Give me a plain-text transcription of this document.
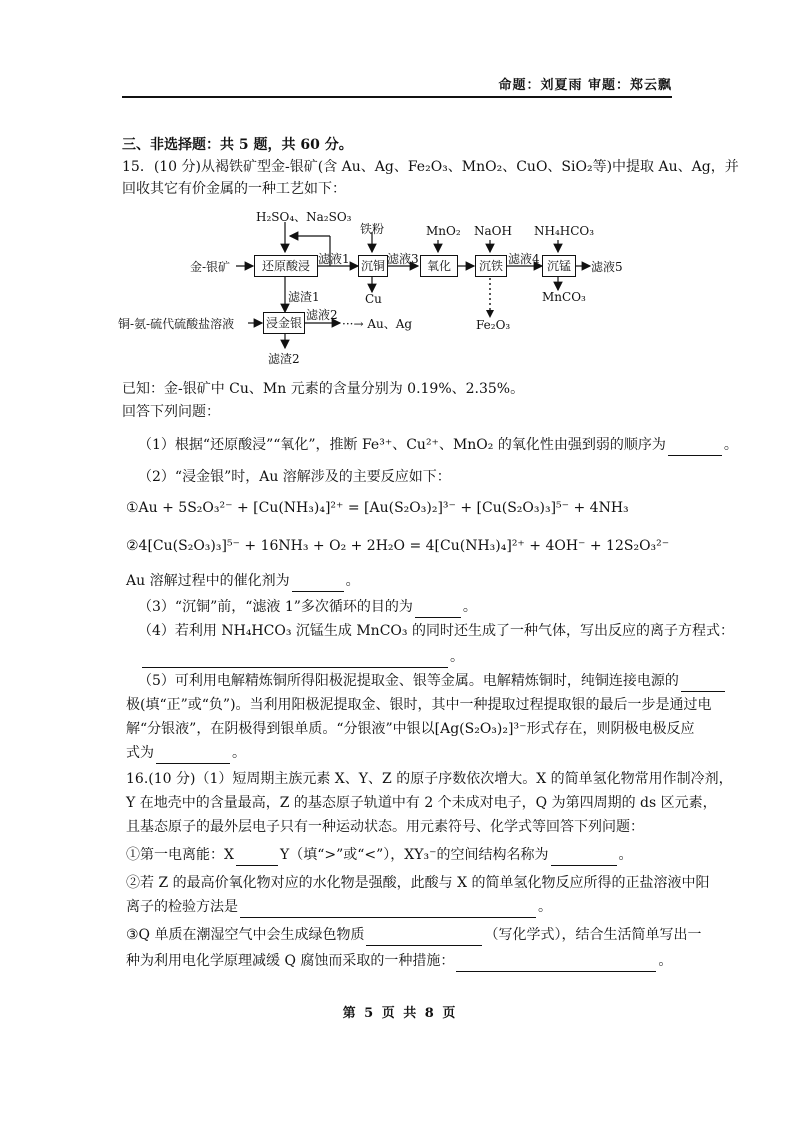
命题：刘夏雨 审题：郑云飘
三、非选择题：共 5 题，共 60 分。
15．(10 分)从褐铁矿型金-银矿(含 Au、Ag、Fe₂O₃、MnO₂、CuO、SiO₂等)中提取 Au、Ag，并
回收其它有价金属的一种工艺如下：
H₂SO₄、Na₂SO₃
金-银矿	还原酸浸 滤液1
铁粉
沉铜
Cu
滤液3
MnO₂
氧化
NaOH
沉铁
Fe₂O₃
滤液4
NH₄HCO₃
沉锰	滤液5
MnCO₃
滤渣1
铜-氨-硫代硫酸盐溶液	浸金银
滤液2
···→ Au、Ag
滤渣2
已知：金-银矿中 Cu、Mn 元素的含量分别为 0.19%、2.35%。
回答下列问题：
（1）根据“还原酸浸”“氧化”，推断 Fe³⁺、Cu²⁺、MnO₂ 的氧化性由强到弱的顺序为	。
（2）“浸金银”时，Au 溶解涉及的主要反应如下：
①Au + 5S₂O₃²⁻ + [Cu(NH₃)₄]²⁺ = [Au(S₂O₃)₂]³⁻ + [Cu(S₂O₃)₃]⁵⁻ + 4NH₃
②4[Cu(S₂O₃)₃]⁵⁻ + 16NH₃ + O₂ + 2H₂O = 4[Cu(NH₃)₄]²⁺ + 4OH⁻ + 12S₂O₃²⁻
Au 溶解过程中的催化剂为	。
（3）“沉铜”前，“滤液 1”多次循环的目的为	。
（4）若利用 NH₄HCO₃ 沉锰生成 MnCO₃ 的同时还生成了一种气体，写出反应的离子方程式：
。
（5）可利用电解精炼铜所得阳极泥提取金、银等金属。电解精炼铜时，纯铜连接电源的
极(填“正”或“负”)。当利用阳极泥提取金、银时，其中一种提取过程提取银的最后一步是通过电
解“分银液”，在阴极得到银单质。“分银液”中银以[Ag(S₂O₃)₂]³⁻形式存在，则阴极电极反应
式为	。
16.(10 分)（1）短周期主族元素 X、Y、Z 的原子序数依次增大。X 的简单氢化物常用作制冷剂，
Y 在地壳中的含量最高，Z 的基态原子轨道中有 2 个未成对电子，Q 为第四周期的 ds 区元素，
且基态原子的最外层电子只有一种运动状态。用元素符号、化学式等回答下列问题：
①第一电离能：X	Y（填“>”或“<”），XY₃⁻的空间结构名称为	。
②若 Z 的最高价氧化物对应的水化物是强酸，此酸与 X 的简单氢化物反应所得的正盐溶液中阳
离子的检验方法是	。
③Q 单质在潮湿空气中会生成绿色物质	（写化学式），结合生活简单写出一
种为利用电化学原理减缓 Q 腐蚀而采取的一种措施：	。
第 5 页 共 8 页
